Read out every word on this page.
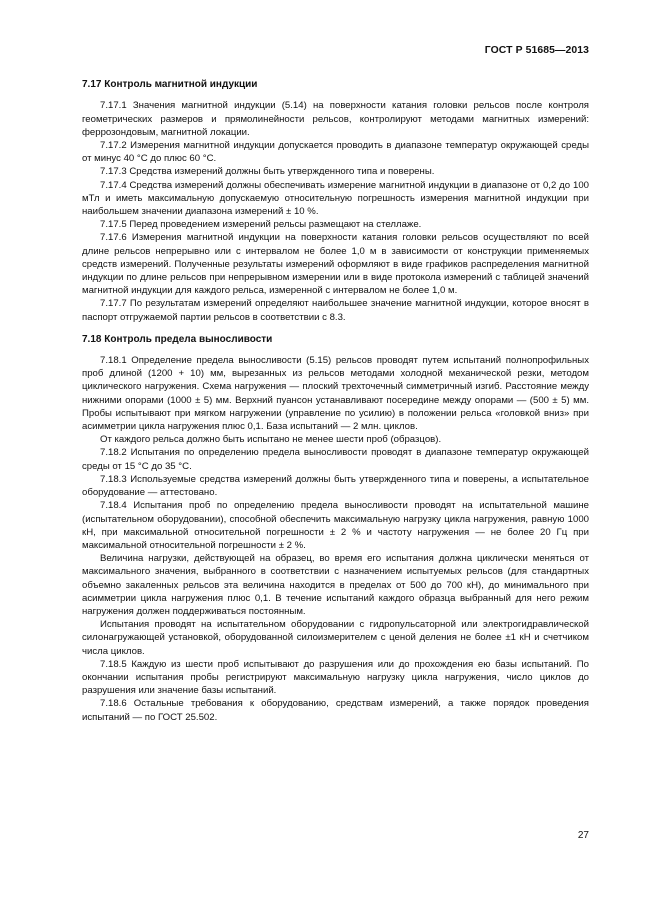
ГОСТ Р 51685—2013
7.17 Контроль магнитной индукции

7.17.1 Значения магнитной индукции (5.14) на поверхности катания головки рельсов после контроля геометрических размеров и прямолинейности рельсов, контролируют методами магнитных измерений: феррозондовым, магнитной локации.

7.17.2 Измерения магнитной индукции допускается проводить в диапазоне температур окружающей среды от минус 40 °С до плюс 60 °С.

7.17.3 Средства измерений должны быть утвержденного типа и поверены.

7.17.4 Средства измерений должны обеспечивать измерение магнитной индукции в диапазоне от 0,2 до 100 мТл и иметь максимальную допускаемую относительную погрешность измерения магнитной индукции при наибольшем значении диапазона измерений ± 10 %.

7.17.5 Перед проведением измерений рельсы размещают на стеллаже.

7.17.6 Измерения магнитной индукции на поверхности катания головки рельсов осуществляют по всей длине рельсов непрерывно или с интервалом не более 1,0 м в зависимости от конструкции применяемых средств измерений. Полученные результаты измерений оформляют в виде графиков распределения магнитной индукции по длине рельсов при непрерывном измерении или в виде протокола измерений с таблицей значений магнитной индукции для каждого рельса, измеренной с интервалом не более 1,0 м.

7.17.7 По результатам измерений определяют наибольшее значение магнитной индукции, которое вносят в паспорт отгружаемой партии рельсов в соответствии с 8.3.

7.18 Контроль предела выносливости

7.18.1 Определение предела выносливости (5.15) рельсов проводят путем испытаний полнопрофильных проб длиной (1200 + 10) мм, вырезанных из рельсов методами холодной механической резки, методом циклического нагружения. Схема нагружения — плоский трехточечный симметричный изгиб. Расстояние между нижними опорами (1000 ± 5) мм. Верхний пуансон устанавливают посередине между опорами — (500 ± 5) мм. Пробы испытывают при мягком нагружении (управление по усилию) в положении рельса «головкой вниз» при асимметрии цикла нагружения плюс 0,1. База испытаний — 2 млн. циклов.

От каждого рельса должно быть испытано не менее шести проб (образцов).

7.18.2 Испытания по определению предела выносливости проводят в диапазоне температур окружающей среды от 15 °С до 35 °С.

7.18.3 Используемые средства измерений должны быть утвержденного типа и поверены, а испытательное оборудование — аттестовано.

7.18.4 Испытания проб по определению предела выносливости проводят на испытательной машине (испытательном оборудовании), способной обеспечить максимальную нагрузку цикла нагружения, равную 1000 кН, при максимальной относительной погрешности ± 2 % и частоту нагружения — не более 20 Гц при максимальной относительной погрешности ± 2 %.

Величина нагрузки, действующей на образец, во время его испытания должна циклически меняться от максимального значения, выбранного в соответствии с назначением испытуемых рельсов (для стандартных объемно закаленных рельсов эта величина находится в пределах от 500 до 700 кН), до минимального при асимметрии цикла нагружения плюс 0,1. В течение испытаний каждого образца выбранный для него режим нагружения должен поддерживаться постоянным.

Испытания проводят на испытательном оборудовании с гидропульсаторной или электрогидравлической силонагружающей установкой, оборудованной силоизмерителем с ценой деления не более ±1 кН и счетчиком числа циклов.

7.18.5 Каждую из шести проб испытывают до разрушения или до прохождения ею базы испытаний. По окончании испытания пробы регистрируют максимальную нагрузку цикла нагружения, число циклов до разрушения или значение базы испытаний.

7.18.6 Остальные требования к оборудованию, средствам измерений, а также порядок проведения испытаний — по ГОСТ 25.502.

27
